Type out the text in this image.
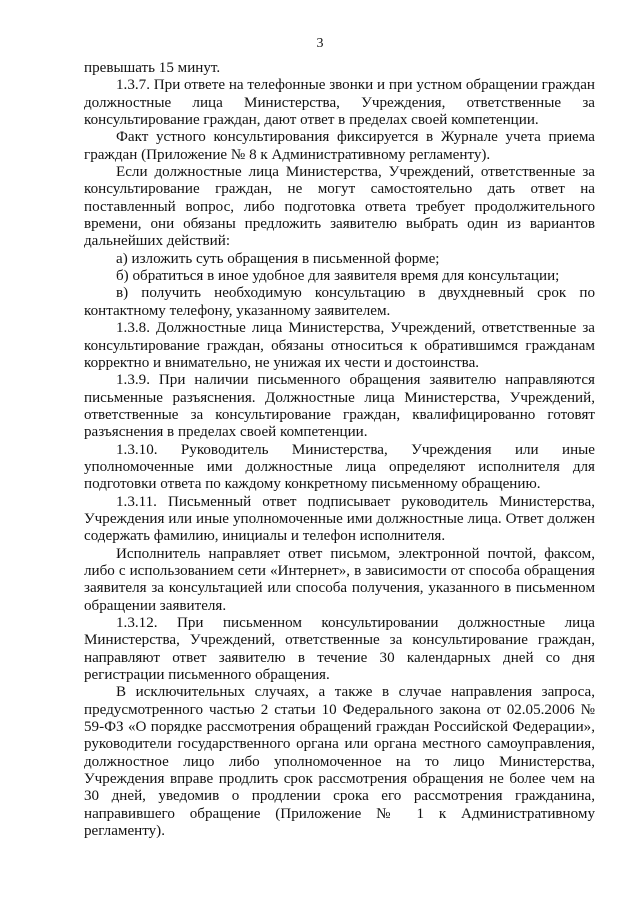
3

превышать 15 минут.

1.3.7. При ответе на телефонные звонки и при устном обращении граждан должностные лица Министерства, Учреждения, ответственные за консультирование граждан, дают ответ в пределах своей компетенции.

Факт устного консультирования фиксируется в Журнале учета приема граждан (Приложение № 8 к Административному регламенту).

Если должностные лица Министерства, Учреждений, ответственные за консультирование граждан, не могут самостоятельно дать ответ на поставленный вопрос, либо подготовка ответа требует продолжительного времени, они обязаны предложить заявителю выбрать один из вариантов дальнейших действий:

а) изложить суть обращения в письменной форме;

б) обратиться в иное удобное для заявителя время для консультации;

в) получить необходимую консультацию в двухдневный срок по контактному телефону, указанному заявителем.

1.3.8. Должностные лица Министерства, Учреждений, ответственные за консультирование граждан, обязаны относиться к обратившимся гражданам корректно и внимательно, не унижая их чести и достоинства.

1.3.9. При наличии письменного обращения заявителю направляются письменные разъяснения. Должностные лица Министерства, Учреждений, ответственные за консультирование граждан, квалифицированно готовят разъяснения в пределах своей компетенции.

1.3.10. Руководитель Министерства, Учреждения или иные уполномоченные ими должностные лица определяют исполнителя для подготовки ответа по каждому конкретному письменному обращению.

1.3.11. Письменный ответ подписывает руководитель Министерства, Учреждения или иные уполномоченные ими должностные лица. Ответ должен содержать фамилию, инициалы и телефон исполнителя.

Исполнитель направляет ответ письмом, электронной почтой, факсом, либо с использованием сети «Интернет», в зависимости от способа обращения заявителя за консультацией или способа получения, указанного в письменном обращении заявителя.

1.3.12. При письменном консультировании должностные лица Министерства, Учреждений, ответственные за консультирование граждан, направляют ответ заявителю в течение 30 календарных дней со дня регистрации письменного обращения.

В исключительных случаях, а также в случае направления запроса, предусмотренного частью 2 статьи 10 Федерального закона от 02.05.2006 № 59-ФЗ «О порядке рассмотрения обращений граждан Российской Федерации», руководители государственного органа или органа местного самоуправления, должностное лицо либо уполномоченное на то лицо Министерства, Учреждения вправе продлить срок рассмотрения обращения не более чем на 30 дней, уведомив о продлении срока его рассмотрения гражданина, направившего обращение (Приложение № 1 к Административному регламенту).
